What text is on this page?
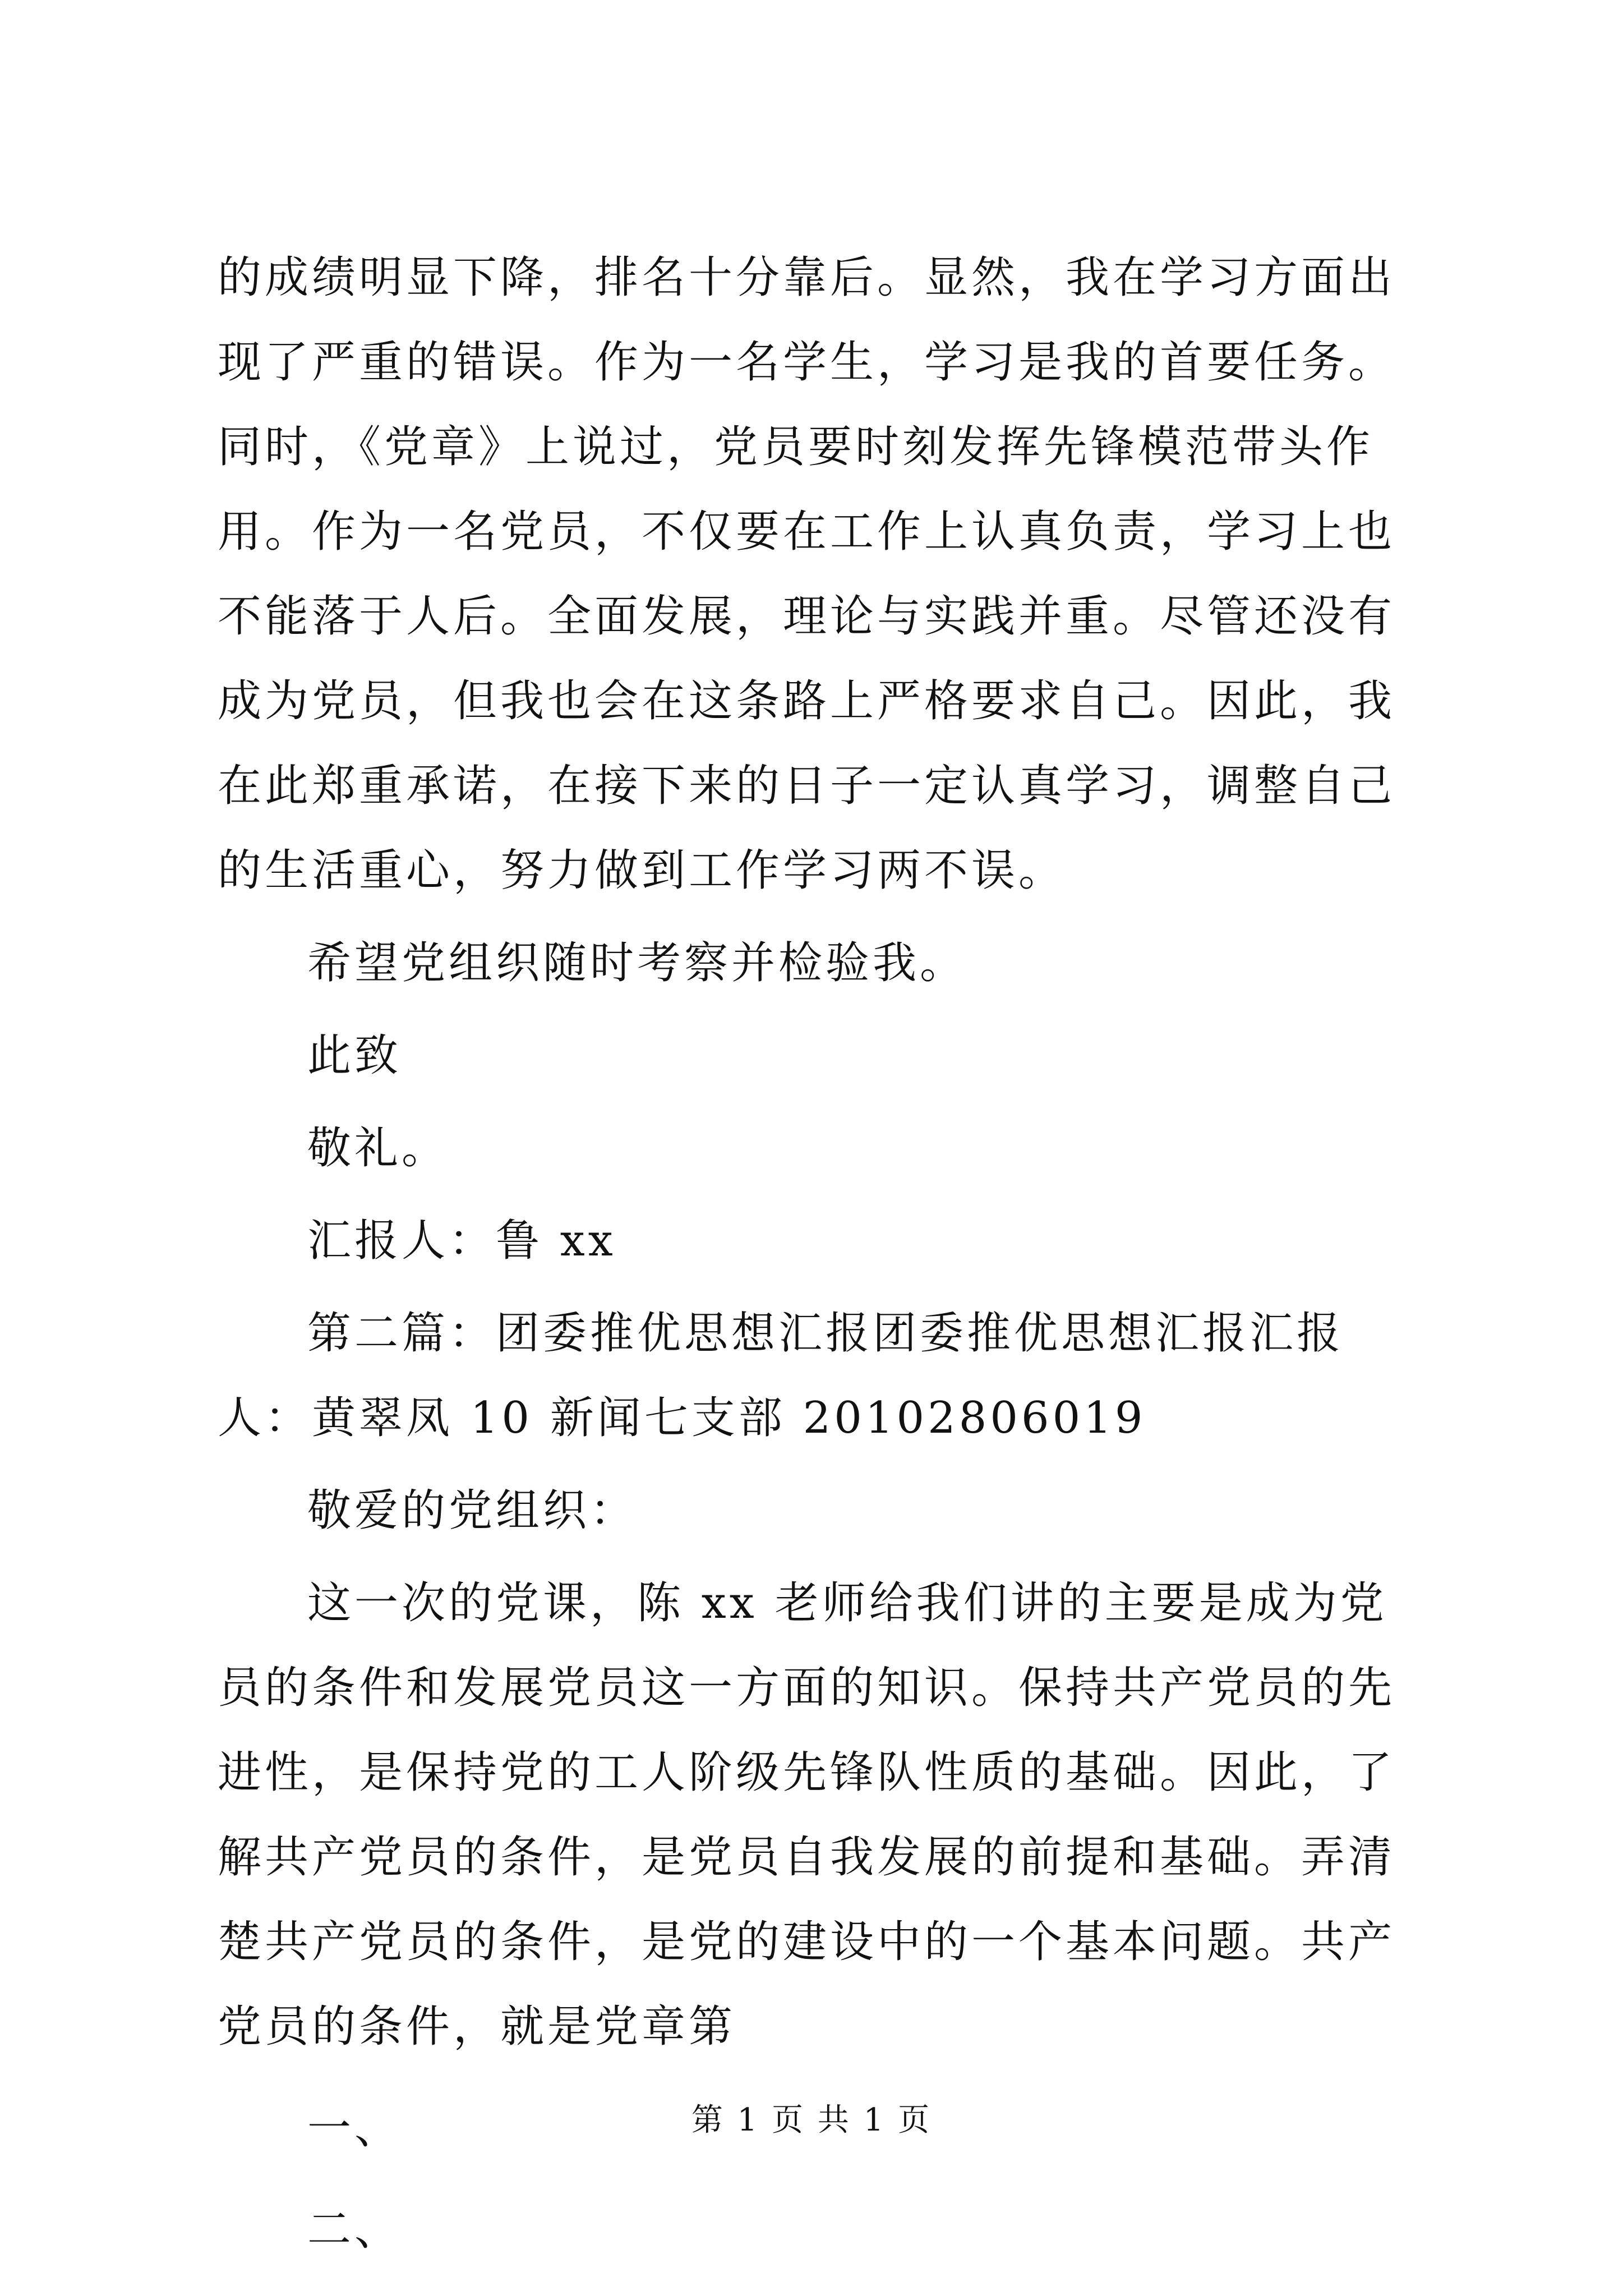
的成绩明显下降，排名十分靠后。显然，我在学习方面出现了严重的错误。作为一名学生，学习是我的首要任务。同时，《党章》上说过，党员要时刻发挥先锋模范带头作用。作为一名党员，不仅要在工作上认真负责，学习上也不能落于人后。全面发展，理论与实践并重。尽管还没有成为党员，但我也会在这条路上严格要求自己。因此，我在此郑重承诺，在接下来的日子一定认真学习，调整自己的生活重心，努力做到工作学习两不误。

希望党组织随时考察并检验我。

此致

敬礼。

汇报人：鲁 xx

第二篇：团委推优思想汇报团委推优思想汇报汇报人：黄翠凤 10 新闻七支部 20102806019

敬爱的党组织：

这一次的党课，陈 xx 老师给我们讲的主要是成为党员的条件和发展党员这一方面的知识。保持共产党员的先进性，是保持党的工人阶级先锋队性质的基础。因此，了解共产党员的条件，是党员自我发展的前提和基础。弄清楚共产党员的条件，是党的建设中的一个基本问题。共产党员的条件，就是党章第

一、

二、

第 1 页 共 1 页
